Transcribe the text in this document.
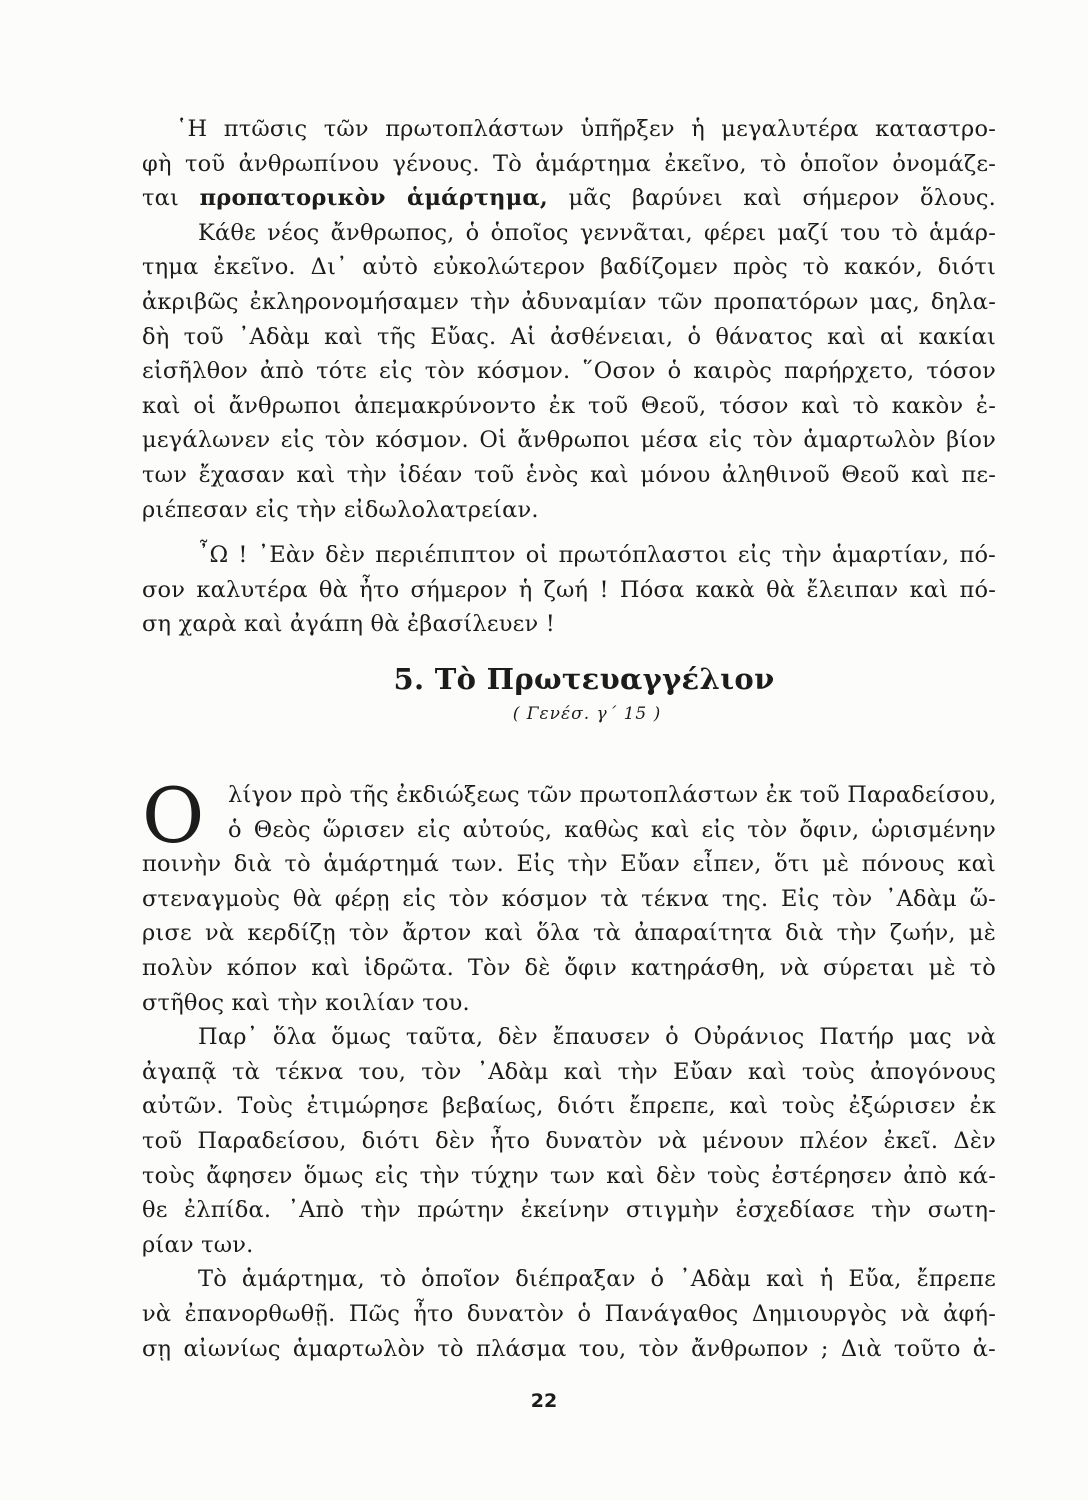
῾Η πτῶσις τῶν πρωτοπλάστων ὑπῆρξεν ἡ μεγαλυτέρα καταστρο-
φὴ τοῦ ἀνθρωπίνου γένους. Τὸ ἁμάρτημα ἐκεῖνο, τὸ ὁποῖον ὀνομάζε-
ται προπατορικὸν ἁμάρτημα, μᾶς βαρύνει καὶ σήμερον ὅλους.
Κάθε νέος ἄνθρωπος, ὁ ὁποῖος γεννᾶται, φέρει μαζί του τὸ ἁμάρ-
τημα ἐκεῖνο. Δι᾽ αὐτὸ εὐκολώτερον βαδίζομεν πρὸς τὸ κακόν, διότι
ἀκριβῶς ἐκληρονομήσαμεν τὴν ἀδυναμίαν τῶν προπατόρων μας, δηλα-
δὴ τοῦ ᾿Αδὰμ καὶ τῆς Εὔας. Αἱ ἀσθένειαι, ὁ θάνατος καὶ αἱ κακίαι
εἰσῆλθον ἀπὸ τότε εἰς τὸν κόσμον. ῞Οσον ὁ καιρὸς παρήρχετο, τόσον
καὶ οἱ ἄνθρωποι ἀπεμακρύνοντο ἐκ τοῦ Θεοῦ, τόσον καὶ τὸ κακὸν ἐ-
μεγάλωνεν εἰς τὸν κόσμον. Οἱ ἄνθρωποι μέσα εἰς τὸν ἁμαρτωλὸν βίον
των ἔχασαν καὶ τὴν ἰδέαν τοῦ ἑνὸς καὶ μόνου ἀληθινοῦ Θεοῦ καὶ πε-
ριέπεσαν εἰς τὴν εἰδωλολατρείαν.
῏Ω ! ᾿Εὰν δὲν περιέπιπτον οἱ πρωτόπλαστοι εἰς τὴν ἁμαρτίαν, πό-
σον καλυτέρα θὰ ἦτο σήμερον ἡ ζωή ! Πόσα κακὰ θὰ ἔλειπαν καὶ πό-
ση χαρὰ καὶ ἀγάπη θὰ ἐβασίλευεν !
5. Τὸ Πρωτευαγγέλιον
( Γενέσ. γ΄ 15 )
Ο	λίγον πρὸ τῆς ἐκδιώξεως τῶν πρωτοπλάστων ἐκ τοῦ Παραδείσου,
ὁ Θεὸς ὥρισεν εἰς αὐτούς, καθὼς καὶ εἰς τὸν ὄφιν, ὡρισμένην
ποινὴν διὰ τὸ ἁμάρτημά των. Εἰς τὴν Εὔαν εἶπεν, ὅτι μὲ πόνους καὶ
στεναγμοὺς θὰ φέρῃ εἰς τὸν κόσμον τὰ τέκνα της. Εἰς τὸν ᾿Αδὰμ ὥ-
ρισε νὰ κερδίζῃ τὸν ἄρτον καὶ ὅλα τὰ ἀπαραίτητα διὰ τὴν ζωήν, μὲ
πολὺν κόπον καὶ ἱδρῶτα. Τὸν δὲ ὄφιν κατηράσθη, νὰ σύρεται μὲ τὸ
στῆθος καὶ τὴν κοιλίαν του.
Παρ᾽ ὅλα ὅμως ταῦτα, δὲν ἔπαυσεν ὁ Οὐράνιος Πατήρ μας νὰ
ἀγαπᾷ τὰ τέκνα του, τὸν ᾿Αδὰμ καὶ τὴν Εὔαν καὶ τοὺς ἀπογόνους
αὐτῶν. Τοὺς ἐτιμώρησε βεβαίως, διότι ἔπρεπε, καὶ τοὺς ἐξώρισεν ἐκ
τοῦ Παραδείσου, διότι δὲν ἦτο δυνατὸν νὰ μένουν πλέον ἐκεῖ. Δὲν
τοὺς ἄφησεν ὅμως εἰς τὴν τύχην των καὶ δὲν τοὺς ἐστέρησεν ἀπὸ κά-
θε ἐλπίδα. ᾿Απὸ τὴν πρώτην ἐκείνην στιγμὴν ἐσχεδίασε τὴν σωτη-
ρίαν των.
Τὸ ἁμάρτημα, τὸ ὁποῖον διέπραξαν ὁ ᾿Αδὰμ καὶ ἡ Εὔα, ἔπρεπε
νὰ ἐπανορθωθῇ. Πῶς ἦτο δυνατὸν ὁ Πανάγαθος Δημιουργὸς νὰ ἀφή-
σῃ αἰωνίως ἁμαρτωλὸν τὸ πλάσμα του, τὸν ἄνθρωπον ; Διὰ τοῦτο ἀ-
22
